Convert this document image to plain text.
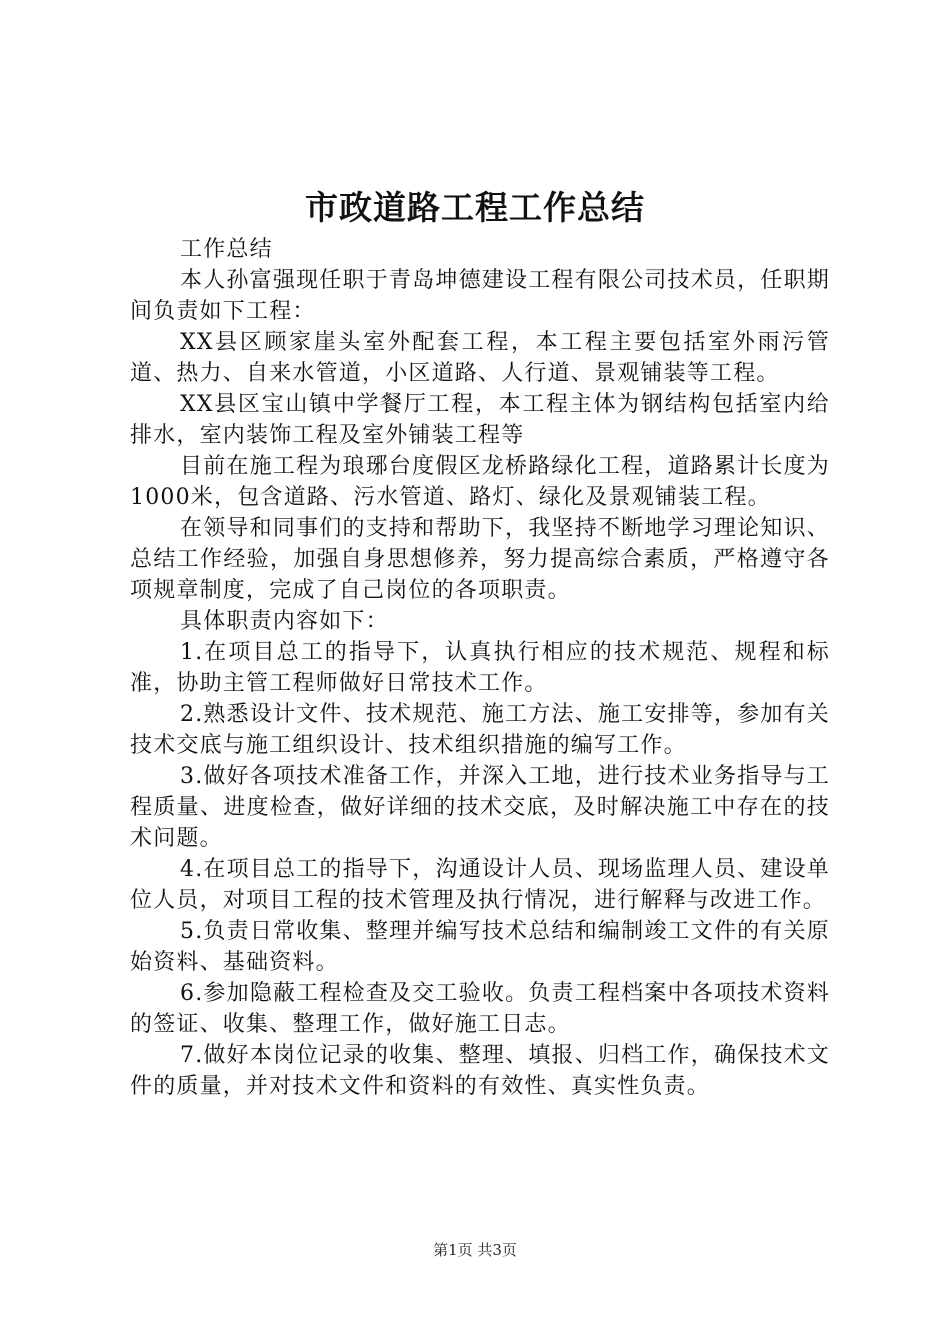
市政道路工程工作总结

工作总结

本人孙富强现任职于青岛坤德建设工程有限公司技术员，任职期间负责如下工程：

XX县区顾家崖头室外配套工程，本工程主要包括室外雨污管道、热力、自来水管道，小区道路、人行道、景观铺装等工程。

XX县区宝山镇中学餐厅工程，本工程主体为钢结构包括室内给排水，室内装饰工程及室外铺装工程等

目前在施工程为琅琊台度假区龙桥路绿化工程，道路累计长度为1000米，包含道路、污水管道、路灯、绿化及景观铺装工程。

在领导和同事们的支持和帮助下，我坚持不断地学习理论知识、总结工作经验，加强自身思想修养，努力提高综合素质，严格遵守各项规章制度，完成了自己岗位的各项职责。

具体职责内容如下：

1.在项目总工的指导下，认真执行相应的技术规范、规程和标准，协助主管工程师做好日常技术工作。

2.熟悉设计文件、技术规范、施工方法、施工安排等，参加有关技术交底与施工组织设计、技术组织措施的编写工作。

3.做好各项技术准备工作，并深入工地，进行技术业务指导与工程质量、进度检查，做好详细的技术交底，及时解决施工中存在的技术问题。

4.在项目总工的指导下，沟通设计人员、现场监理人员、建设单位人员，对项目工程的技术管理及执行情况，进行解释与改进工作。

5.负责日常收集、整理并编写技术总结和编制竣工文件的有关原始资料、基础资料。

6.参加隐蔽工程检查及交工验收。负责工程档案中各项技术资料的签证、收集、整理工作，做好施工日志。

7.做好本岗位记录的收集、整理、填报、归档工作，确保技术文件的质量，并对技术文件和资料的有效性、真实性负责。

第1页 共3页
